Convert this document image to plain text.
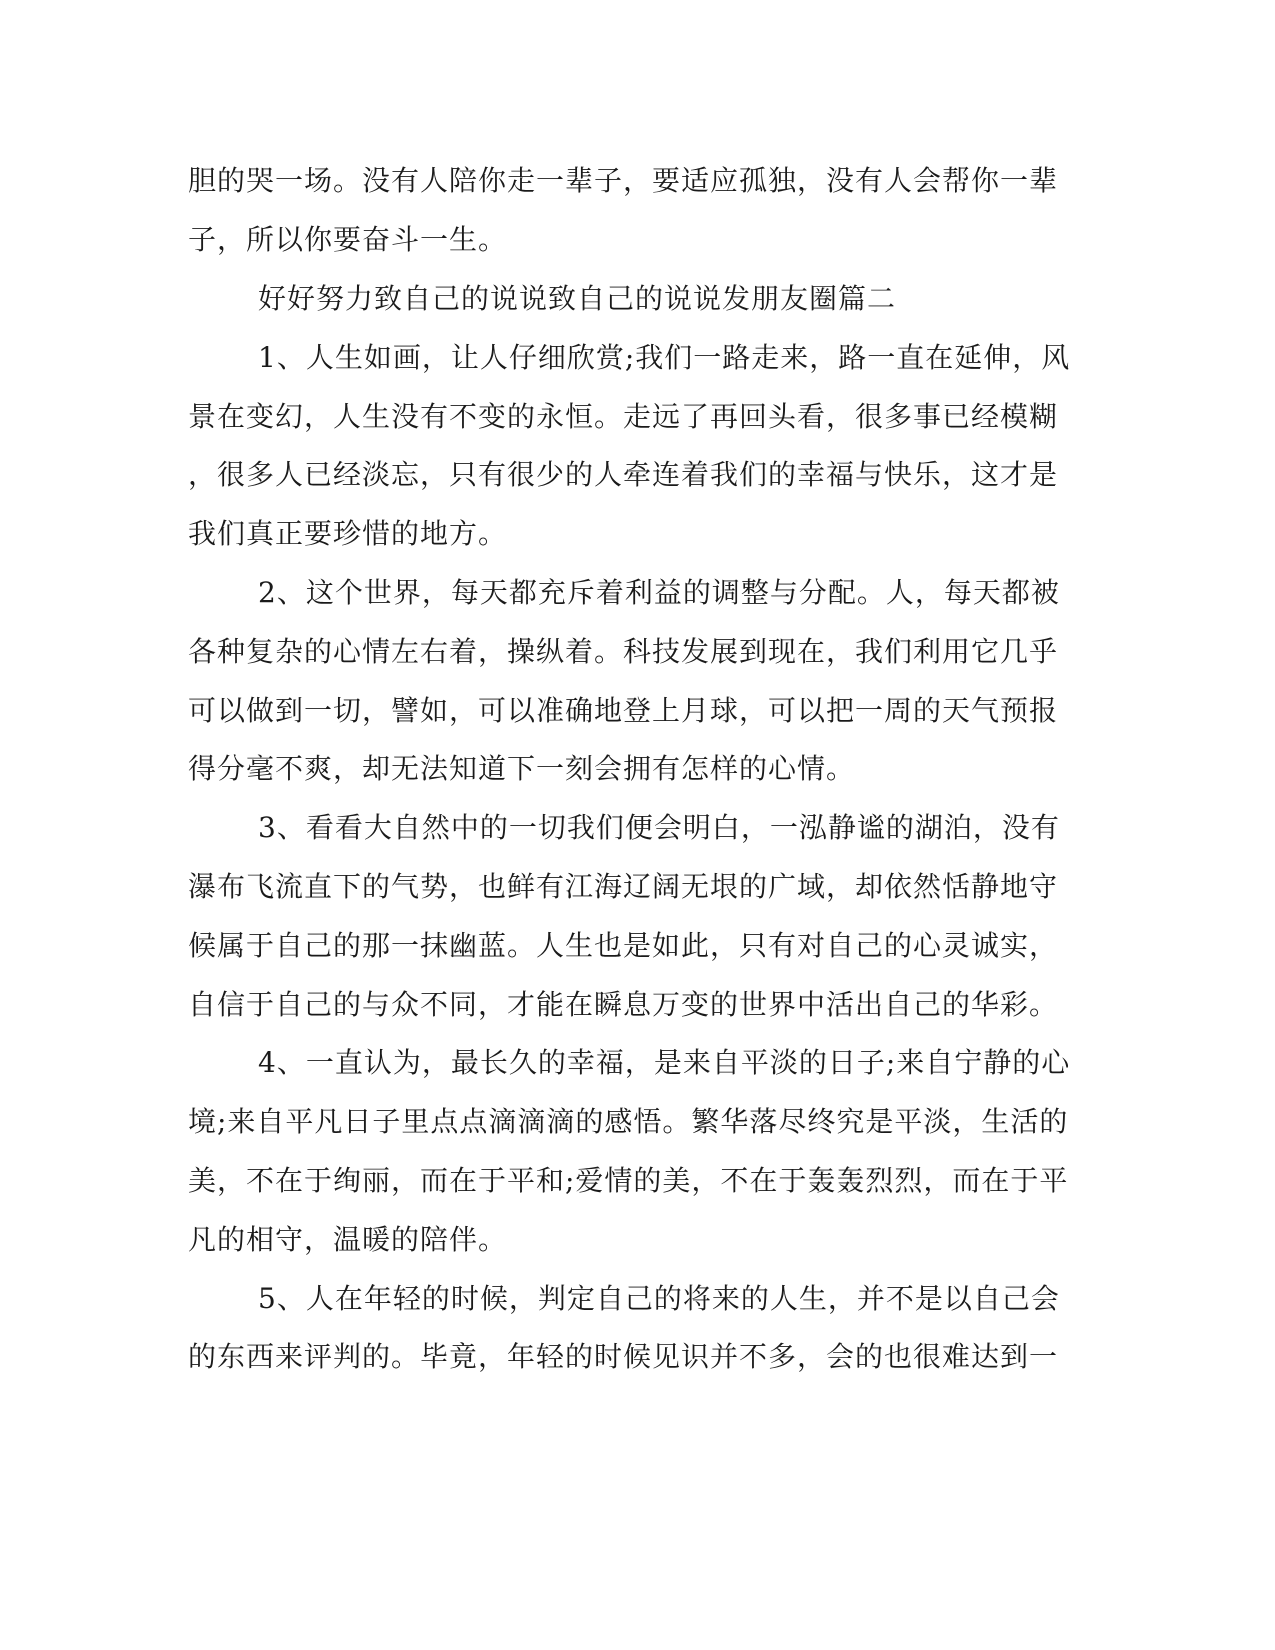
胆的哭一场。没有人陪你走一辈子，要适应孤独，没有人会帮你一辈
子，所以你要奋斗一生。
好好努力致自己的说说致自己的说说发朋友圈篇二
1、人生如画，让人仔细欣赏;我们一路走来，路一直在延伸，风
景在变幻，人生没有不变的永恒。走远了再回头看，很多事已经模糊
，很多人已经淡忘，只有很少的人牵连着我们的幸福与快乐，这才是
我们真正要珍惜的地方。
2、这个世界，每天都充斥着利益的调整与分配。人，每天都被
各种复杂的心情左右着，操纵着。科技发展到现在，我们利用它几乎
可以做到一切，譬如，可以准确地登上月球，可以把一周的天气预报
得分毫不爽，却无法知道下一刻会拥有怎样的心情。
3、看看大自然中的一切我们便会明白，一泓静谧的湖泊，没有
瀑布飞流直下的气势，也鲜有江海辽阔无垠的广域，却依然恬静地守
候属于自己的那一抹幽蓝。人生也是如此，只有对自己的心灵诚实，
自信于自己的与众不同，才能在瞬息万变的世界中活出自己的华彩。
4、一直认为，最长久的幸福，是来自平淡的日子;来自宁静的心
境;来自平凡日子里点点滴滴滴的感悟。繁华落尽终究是平淡，生活的
美，不在于绚丽，而在于平和;爱情的美，不在于轰轰烈烈，而在于平
凡的相守，温暖的陪伴。
5、人在年轻的时候，判定自己的将来的人生，并不是以自己会
的东西来评判的。毕竟，年轻的时候见识并不多，会的也很难达到一
